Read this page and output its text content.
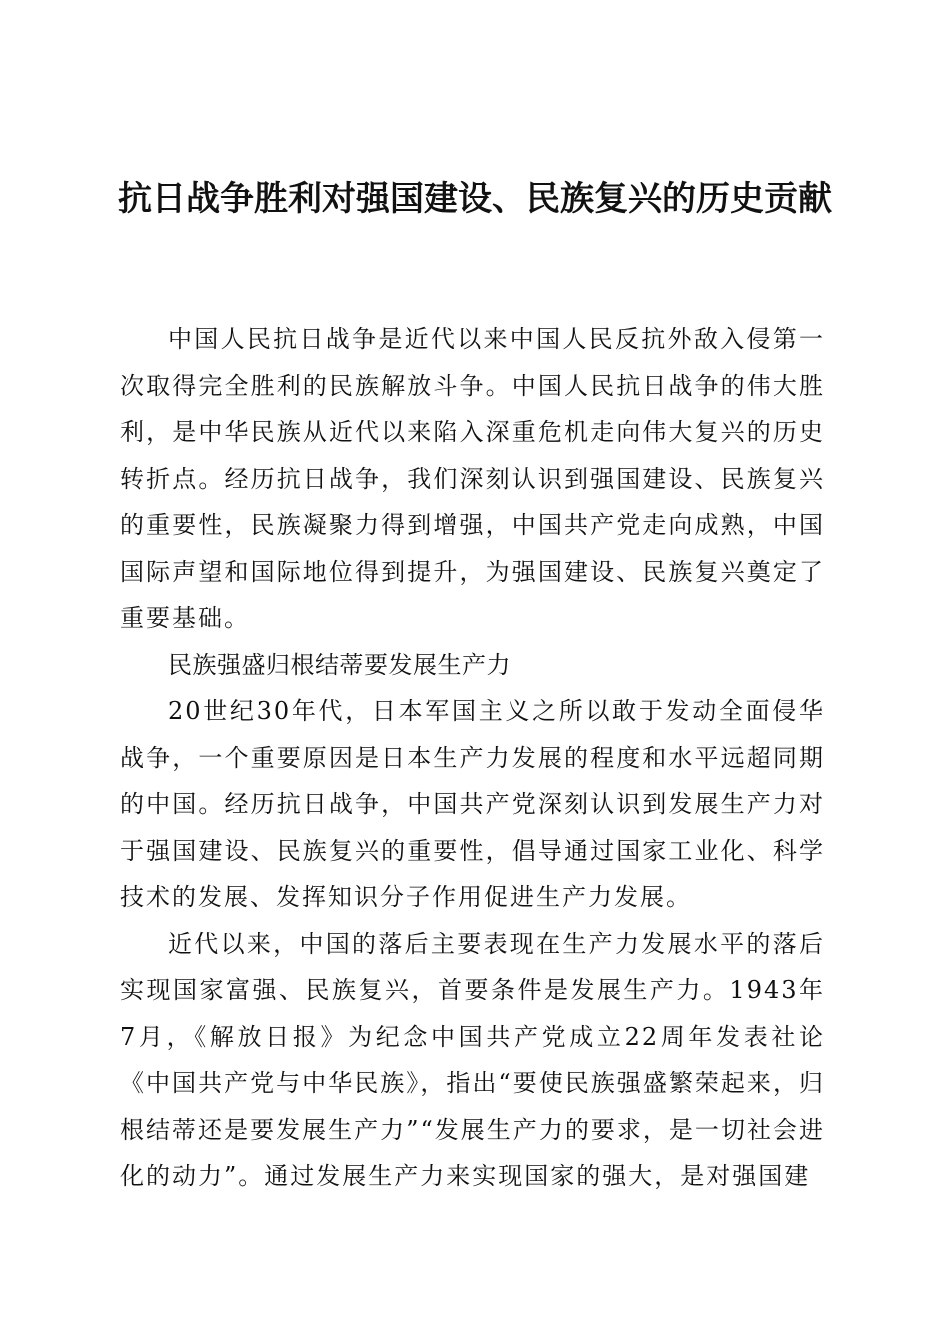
抗日战争胜利对强国建设、民族复兴的历史贡献

中国人民抗日战争是近代以来中国人民反抗外敌入侵第一次取得完全胜利的民族解放斗争。中国人民抗日战争的伟大胜利，是中华民族从近代以来陷入深重危机走向伟大复兴的历史转折点。经历抗日战争，我们深刻认识到强国建设、民族复兴的重要性，民族凝聚力得到增强，中国共产党走向成熟，中国国际声望和国际地位得到提升，为强国建设、民族复兴奠定了重要基础。

民族强盛归根结蒂要发展生产力

20世纪30年代，日本军国主义之所以敢于发动全面侵华战争，一个重要原因是日本生产力发展的程度和水平远超同期的中国。经历抗日战争，中国共产党深刻认识到发展生产力对于强国建设、民族复兴的重要性，倡导通过国家工业化、科学技术的发展、发挥知识分子作用促进生产力发展。

近代以来，中国的落后主要表现在生产力发展水平的落后实现国家富强、民族复兴，首要条件是发展生产力。1943年7月，《解放日报》为纪念中国共产党成立22周年发表社论《中国共产党与中华民族》，指出“要使民族强盛繁荣起来，归根结蒂还是要发展生产力”“发展生产力的要求，是一切社会进化的动力”。通过发展生产力来实现国家的强大，是对强国建
